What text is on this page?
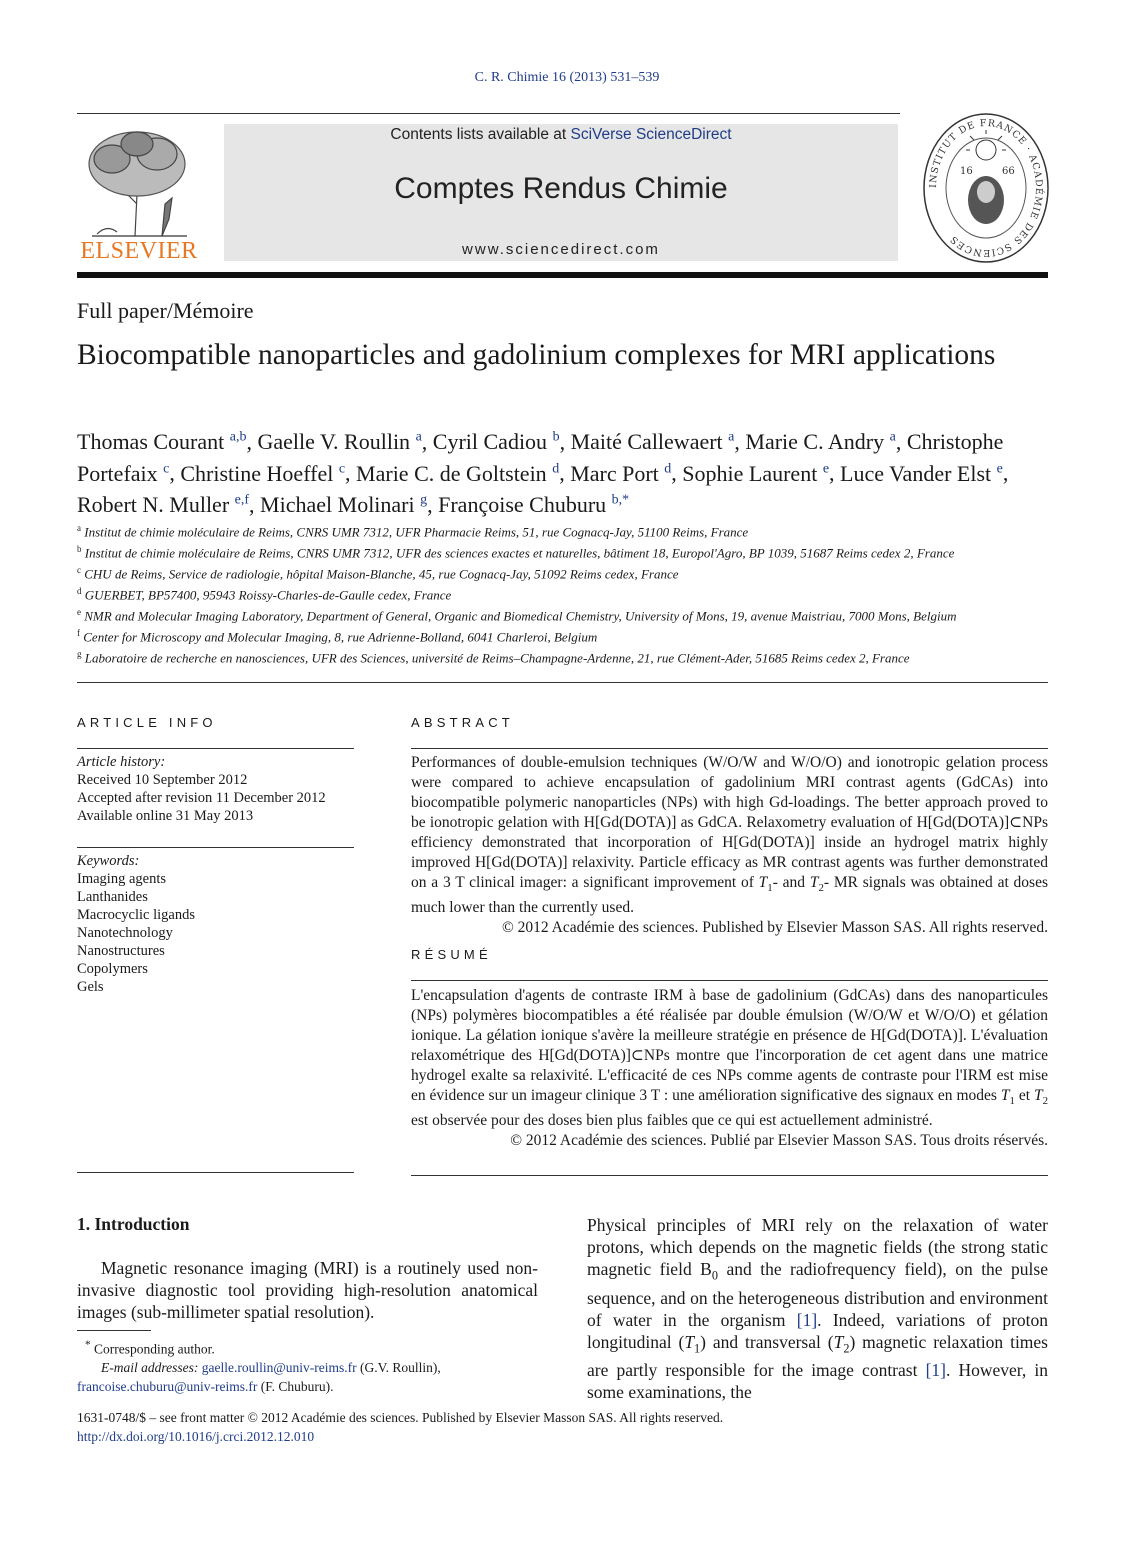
C. R. Chimie 16 (2013) 531–539
ELSEVIER
Contents lists available at SciVerse ScienceDirect
Comptes Rendus Chimie
www.sciencedirect.com
INSTITUT DE FRANCE · ACADÉMIE DES SCIENCES
16	66
Full paper/Mémoire
Biocompatible nanoparticles and gadolinium complexes for MRI applications
Thomas Courant $^{a,b}$, Gaelle V. Roullin $^a$, Cyril Cadiou $^b$, Maité Callewaert $^a$, Marie C. Andry $^a$, Christophe Portefaix $^c$, Christine Hoeffel $^c$, Marie C. de Goltstein $^d$, Marc Port $^d$, Sophie Laurent $^e$, Luce Vander Elst $^e$, Robert N. Muller $^{e,f}$, Michael Molinari $^g$, Françoise Chuburu $^{b,*}$
$^a$ Institut de chimie moléculaire de Reims, CNRS UMR 7312, UFR Pharmacie Reims, 51, rue Cognacq-Jay, 51100 Reims, France
$^b$ Institut de chimie moléculaire de Reims, CNRS UMR 7312, UFR des sciences exactes et naturelles, bâtiment 18, Europol'Agro, BP 1039, 51687 Reims cedex 2, France
$^c$ CHU de Reims, Service de radiologie, hôpital Maison-Blanche, 45, rue Cognacq-Jay, 51092 Reims cedex, France
$^d$ GUERBET, BP57400, 95943 Roissy-Charles-de-Gaulle cedex, France
$^e$ NMR and Molecular Imaging Laboratory, Department of General, Organic and Biomedical Chemistry, University of Mons, 19, avenue Maistriau, 7000 Mons, Belgium
$^f$ Center for Microscopy and Molecular Imaging, 8, rue Adrienne-Bolland, 6041 Charleroi, Belgium
$^g$ Laboratoire de recherche en nanosciences, UFR des Sciences, université de Reims–Champagne-Ardenne, 21, rue Clément-Ader, 51685 Reims cedex 2, France
ARTICLE INFO
Article history:
Received 10 September 2012
Accepted after revision 11 December 2012
Available online 31 May 2013
Keywords:
Imaging agents
Lanthanides
Macrocyclic ligands
Nanotechnology
Nanostructures
Copolymers
Gels
ABSTRACT
Performances of double-emulsion techniques (W/O/W and W/O/O) and ionotropic gelation process were compared to achieve encapsulation of gadolinium MRI contrast agents (GdCAs) into biocompatible polymeric nanoparticles (NPs) with high Gd-loadings. The better approach proved to be ionotropic gelation with H[Gd(DOTA)] as GdCA. Relaxometry evaluation of H[Gd(DOTA)]⊂NPs efficiency demonstrated that incorporation of H[Gd(DOTA)] inside an hydrogel matrix highly improved H[Gd(DOTA)] relaxivity. Particle efficacy as MR contrast agents was further demonstrated on a 3 T clinical imager: a significant improvement of $T_1-$ and $T_2-$ MR signals was obtained at doses much lower than the currently used.
© 2012 Académie des sciences. Published by Elsevier Masson SAS. All rights reserved.
RÉSUMÉ
L'encapsulation d'agents de contraste IRM à base de gadolinium (GdCAs) dans des nanoparticules (NPs) polymères biocompatibles a été réalisée par double émulsion (W/O/W et W/O/O) et gélation ionique. La gélation ionique s'avère la meilleure stratégie en présence de H[Gd(DOTA)]. L'évaluation relaxométrique des H[Gd(DOTA)]⊂NPs montre que l'incorporation de cet agent dans une matrice hydrogel exalte sa relaxivité. L'efficacité de ces NPs comme agents de contraste pour l'IRM est mise en évidence sur un imageur clinique 3 T : une amélioration significative des signaux en modes $T_1$ et $T_2$ est observée pour des doses bien plus faibles que ce qui est actuellement administré.
© 2012 Académie des sciences. Publié par Elsevier Masson SAS. Tous droits réservés.
1. Introduction
Magnetic resonance imaging (MRI) is a routinely used non-invasive diagnostic tool providing high-resolution anatomical images (sub-millimeter spatial resolution).
Physical principles of MRI rely on the relaxation of water protons, which depends on the magnetic fields (the strong static magnetic field $B_0$ and the radiofrequency field), on the pulse sequence, and on the heterogeneous distribution and environment of water in the organism [1]. Indeed, variations of proton longitudinal $(T_1)$ and transversal $(T_2)$ magnetic relaxation times are partly responsible for the image contrast [1]. However, in some examinations, the
* Corresponding author.
E-mail addresses: gaelle.roullin@univ-reims.fr (G.V. Roullin),
francoise.chuburu@univ-reims.fr (F. Chuburu).
1631-0748/$ – see front matter © 2012 Académie des sciences. Published by Elsevier Masson SAS. All rights reserved.
http://dx.doi.org/10.1016/j.crci.2012.12.010
